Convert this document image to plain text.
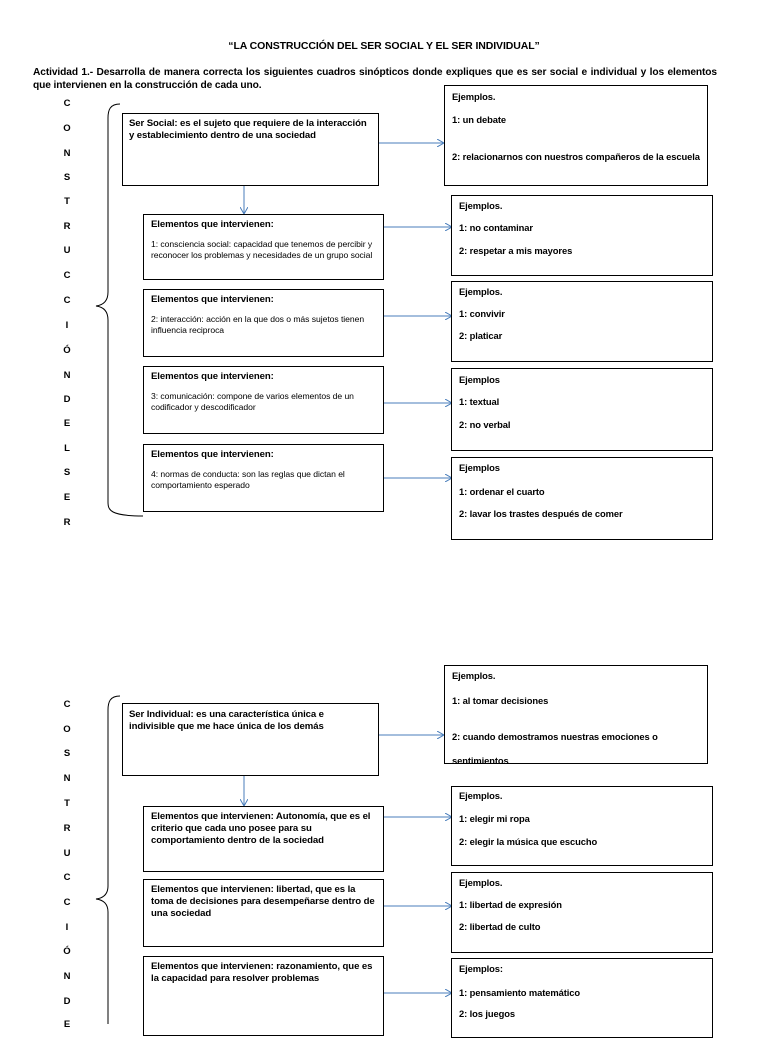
“LA CONSTRUCCIÓN DEL SER SOCIAL Y EL SER INDIVIDUAL”
Actividad 1.- Desarrolla de manera correcta los siguientes cuadros sinópticos donde expliques que es ser social e individual y los elementos que intervienen en la construcción de cada uno.
C
O
N
S
T
R
U
C
C
I
Ó
N
D
E
L
S
E
R
Ser Social: es el sujeto que requiere de la interacción y establecimiento dentro de una sociedad
Ejemplos.
1: un debate
2: relacionarnos con nuestros compañeros de la escuela
Elementos que intervienen:
1: consciencia social: capacidad que tenemos de percibir y reconocer los problemas y necesidades de un grupo social
Ejemplos.
1: no contaminar
2: respetar a mis mayores
Elementos que intervienen:
2: interacción: acción en la que dos o más sujetos tienen influencia reciproca
Ejemplos.
1: convivir
2: platicar
Elementos que intervienen:
3: comunicación: compone de varios elementos de un codificador y descodificador
Ejemplos
1: textual
2: no verbal
Elementos que intervienen:
4: normas de conducta: son las reglas que dictan el comportamiento esperado
Ejemplos
1: ordenar el cuarto
2: lavar los trastes después de comer
C
O
S
N
T
R
U
C
C
I
Ó
N
D
E
Ser Individual: es una característica única e indivisible que me hace única de los demás
Ejemplos.
1: al tomar decisiones
2: cuando demostramos nuestras emociones o
sentimientos
Elementos que intervienen: Autonomía, que es el criterio que cada uno posee para su comportamiento dentro de la sociedad
Ejemplos.
1: elegir mi ropa
2: elegir la música que escucho
Elementos que intervienen: libertad, que es la toma de decisiones para desempeñarse dentro de una sociedad
Ejemplos.
1: libertad de expresión
2: libertad de culto
Elementos que intervienen: razonamiento, que es la capacidad para resolver problemas
Ejemplos:
1: pensamiento matemático
2: los juegos
